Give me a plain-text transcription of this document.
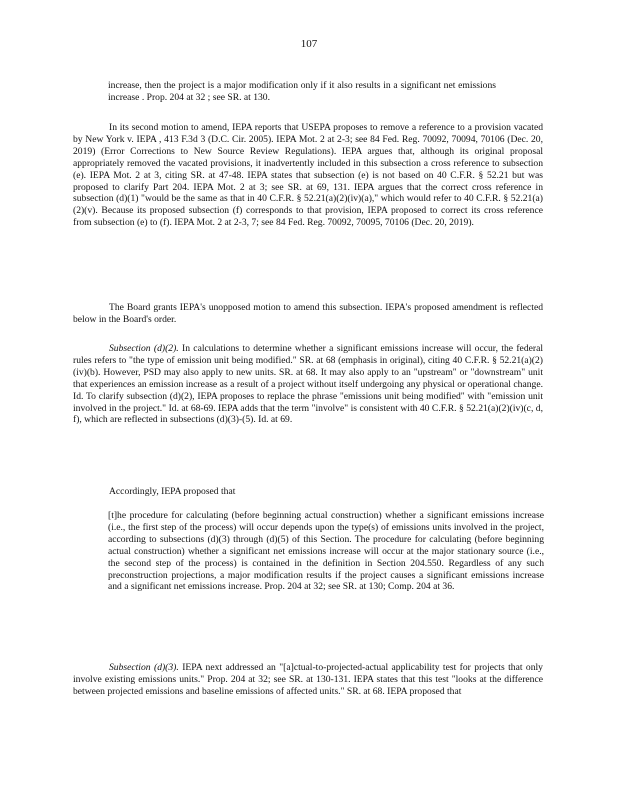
107

increase, then the project is a major modification only if it also results in a significant net emissions increase . Prop. 204 at 32 ; see SR. at 130.

In its second motion to amend, IEPA reports that USEPA proposes to remove a reference to a provision vacated by New York v. IEPA , 413 F.3d 3 (D.C. Cir. 2005). IEPA Mot. 2 at 2-3; see 84 Fed. Reg. 70092, 70094, 70106 (Dec. 20, 2019) (Error Corrections to New Source Review Regulations). IEPA argues that, although its original proposal appropriately removed the vacated provisions, it inadvertently included in this subsection a cross reference to subsection (e). IEPA Mot. 2 at 3, citing SR. at 47-48. IEPA states that subsection (e) is not based on 40 C.F.R. § 52.21 but was proposed to clarify Part 204. IEPA Mot. 2 at 3; see SR. at 69, 131. IEPA argues that the correct cross reference in subsection (d)(1) "would be the same as that in 40 C.F.R. § 52.21(a)(2)(iv)(a)," which would refer to 40 C.F.R. § 52.21(a)(2)(v). Because its proposed subsection (f) corresponds to that provision, IEPA proposed to correct its cross reference from subsection (e) to (f). IEPA Mot. 2 at 2-3, 7; see 84 Fed. Reg. 70092, 70095, 70106 (Dec. 20, 2019).

The Board grants IEPA's unopposed motion to amend this subsection. IEPA's proposed amendment is reflected below in the Board's order.

Subsection (d)(2). In calculations to determine whether a significant emissions increase will occur, the federal rules refers to "the type of emission unit being modified." SR. at 68 (emphasis in original), citing 40 C.F.R. § 52.21(a)(2)(iv)(b). However, PSD may also apply to new units. SR. at 68. It may also apply to an "upstream" or "downstream" unit that experiences an emission increase as a result of a project without itself undergoing any physical or operational change. Id. To clarify subsection (d)(2), IEPA proposes to replace the phrase "emissions unit being modified" with "emission unit involved in the project." Id. at 68-69. IEPA adds that the term "involve" is consistent with 40 C.F.R. § 52.21(a)(2)(iv)(c, d, f), which are reflected in subsections (d)(3)-(5). Id. at 69.

Accordingly, IEPA proposed that

[t]he procedure for calculating (before beginning actual construction) whether a significant emissions increase (i.e., the first step of the process) will occur depends upon the type(s) of emissions units involved in the project, according to subsections (d)(3) through (d)(5) of this Section. The procedure for calculating (before beginning actual construction) whether a significant net emissions increase will occur at the major stationary source (i.e., the second step of the process) is contained in the definition in Section 204.550. Regardless of any such preconstruction projections, a major modification results if the project causes a significant emissions increase and a significant net emissions increase. Prop. 204 at 32; see SR. at 130; Comp. 204 at 36.

Subsection (d)(3). IEPA next addressed an "[a]ctual-to-projected-actual applicability test for projects that only involve existing emissions units." Prop. 204 at 32; see SR. at 130-131. IEPA states that this test "looks at the difference between projected emissions and baseline emissions of affected units." SR. at 68. IEPA proposed that
